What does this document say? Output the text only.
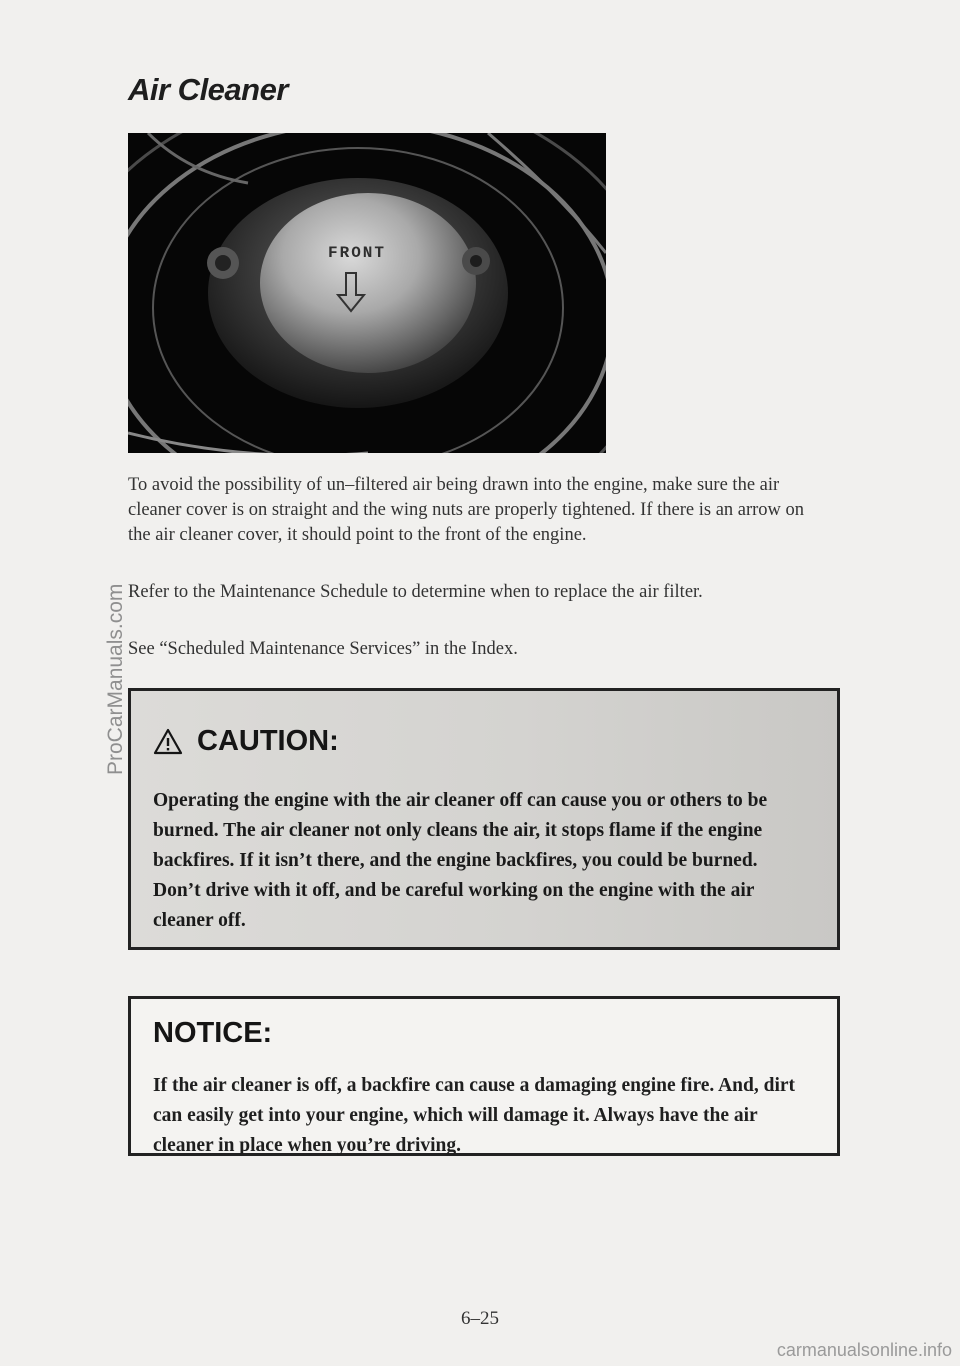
Air Cleaner
FRONT

To avoid the possibility of un–filtered air being drawn into the engine, make sure the air cleaner cover is on straight and the wing nuts are properly tightened. If there is an arrow on the air cleaner cover, it should point to the front of the engine.

Refer to the Maintenance Schedule to determine when to replace the air filter.

See “Scheduled Maintenance Services” in the Index.

CAUTION:

Operating the engine with the air cleaner off can cause you or others to be burned. The air cleaner not only cleans the air, it stops flame if the engine backfires. If it isn’t there, and the engine backfires, you could be burned. Don’t drive with it off, and be careful working on the engine with the air cleaner off.

NOTICE:

If the air cleaner is off, a backfire can cause a damaging engine fire. And, dirt can easily get into your engine, which will damage it. Always have the air cleaner in place when you’re driving.

6–25
ProCarManuals.com
carmanualsonline.info
